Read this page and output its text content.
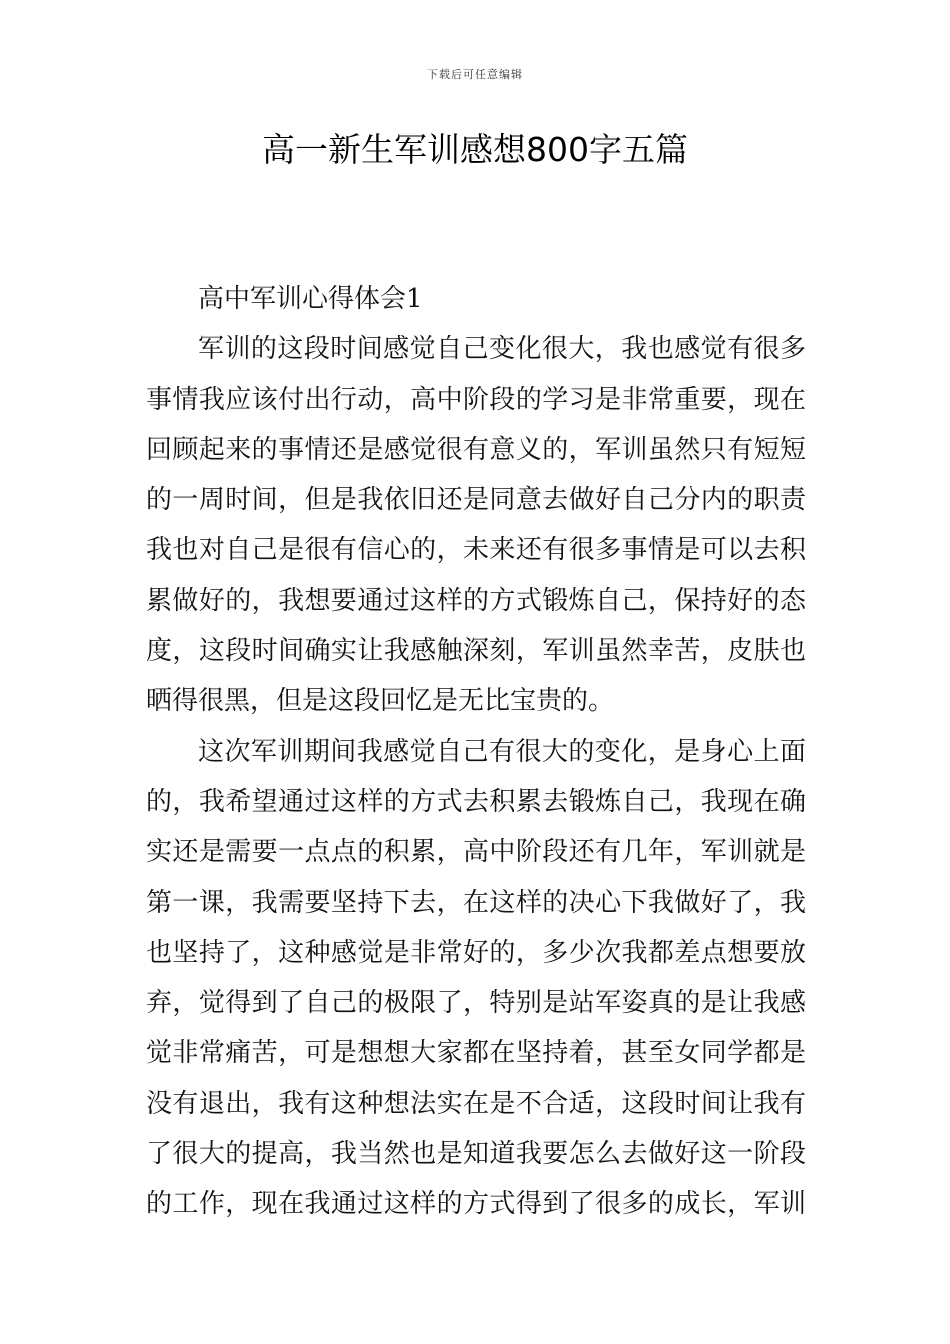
下载后可任意编辑
高一新生军训感想800字五篇

高中军训心得体会1

军训的这段时间感觉自己变化很大，我也感觉有很多事情我应该付出行动，高中阶段的学习是非常重要，现在回顾起来的事情还是感觉很有意义的，军训虽然只有短短的一周时间，但是我依旧还是同意去做好自己分内的职责我也对自己是很有信心的，未来还有很多事情是可以去积累做好的，我想要通过这样的方式锻炼自己，保持好的态度，这段时间确实让我感触深刻，军训虽然幸苦，皮肤也晒得很黑，但是这段回忆是无比宝贵的。

这次军训期间我感觉自己有很大的变化，是身心上面的，我希望通过这样的方式去积累去锻炼自己，我现在确实还是需要一点点的积累，高中阶段还有几年，军训就是第一课，我需要坚持下去，在这样的决心下我做好了，我也坚持了，这种感觉是非常好的，多少次我都差点想要放弃，觉得到了自己的极限了，特别是站军姿真的是让我感觉非常痛苦，可是想想大家都在坚持着，甚至女同学都是没有退出，我有这种想法实在是不合适，这段时间让我有了很大的提高，我当然也是知道我要怎么去做好这一阶段的工作，现在我通过这样的方式得到了很多的成长，军训
